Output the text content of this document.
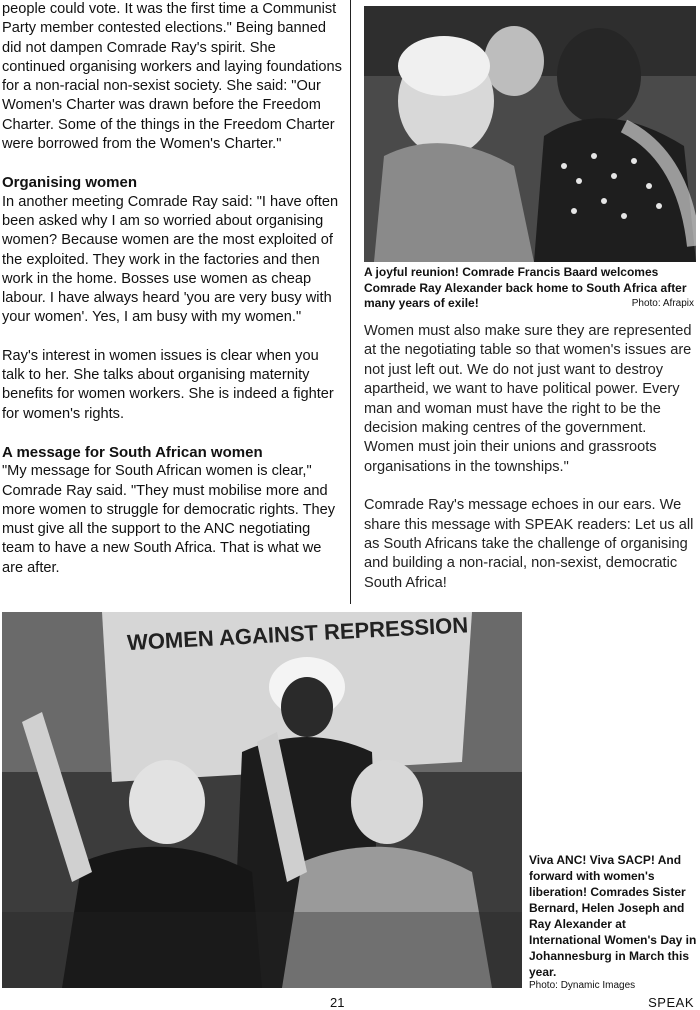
people could vote. It was the first time a Communist Party member contested elections." Being banned did not dampen Comrade Ray's spirit. She continued organising workers and laying foundations for a non-racial non-sexist society. She said: "Our Women's Charter was drawn before the Freedom Charter. Some of the things in the Freedom Charter were borrowed from the Women's Charter."

Organising women

In another meeting Comrade Ray said: "I have often been asked why I am so worried about organising women? Because women are the most exploited of the exploited. They work in the factories and then work in the home. Bosses use women as cheap labour. I have always heard 'you are very busy with your women'. Yes, I am busy with my women."

Ray's interest in women issues is clear when you talk to her. She talks about organising maternity benefits for women workers. She is indeed a fighter for women's rights.

A message for South African women

"My message for South African women is clear," Comrade Ray said. "They must mobilise more and more women to struggle for democratic rights. They must give all the support to the ANC negotiating team to have a new South Africa. That is what we are after.

A joyful reunion! Comrade Francis Baard welcomes Comrade Ray Alexander back home to South Africa after many years of exile!	Photo: Afrapix

Women must also make sure they are represented at the negotiating table so that women's issues are not just left out. We do not just want to destroy apartheid, we want to have political power. Every man and woman must have the right to be the decision making centres of the government. Women must join their unions and grassroots organisations in the townships."

Comrade Ray's message echoes in our ears. We share this message with SPEAK readers: Let us all as South Africans take the challenge of organising and building a non-racial, non-sexist, democratic South Africa!

WOMEN AGAINST REPRESSION
Viva ANC! Viva SACP! And forward with women's liberation! Comrades Sister Bernard, Helen Joseph and Ray Alexander at International Women's Day in Johannesburg in March this year.
Photo: Dynamic Images
21	SPEAK
